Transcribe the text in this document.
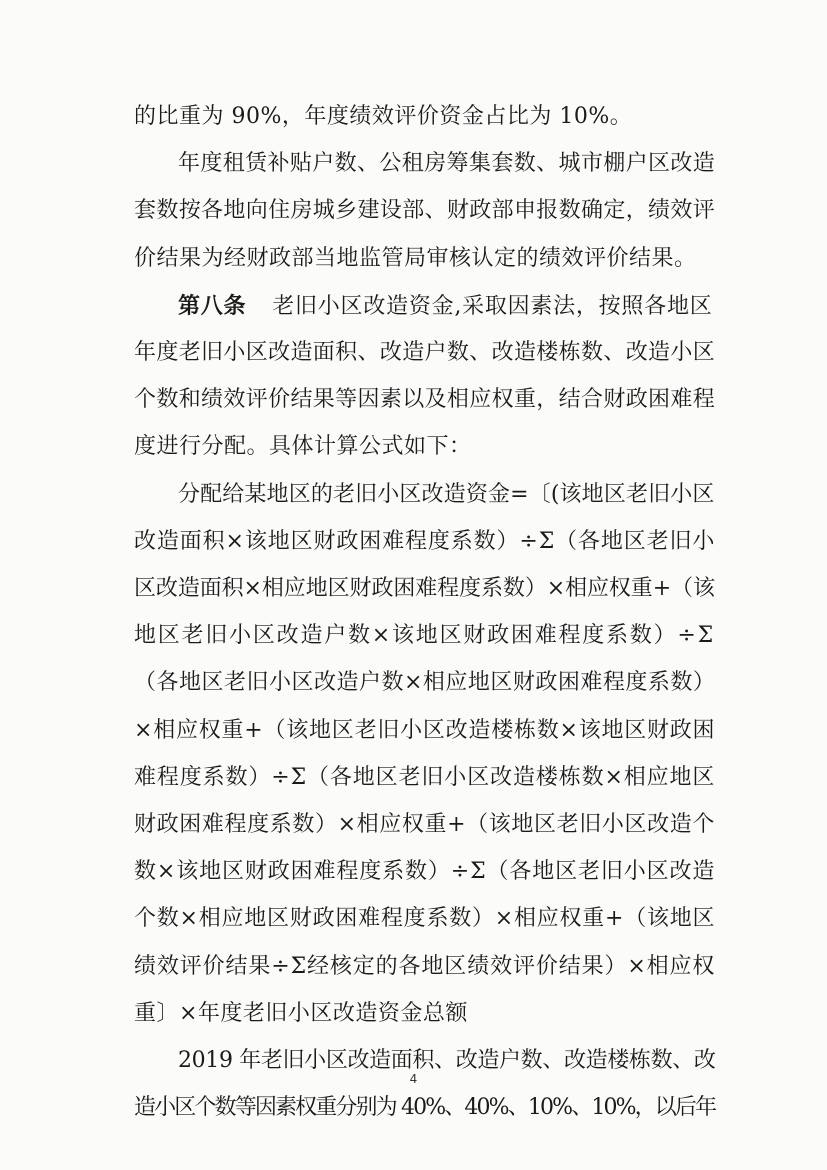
的比重为 90%，年度绩效评价资金占比为 10%。
年度租赁补贴户数、公租房筹集套数、城市棚户区改造
套数按各地向住房城乡建设部、财政部申报数确定，绩效评
价结果为经财政部当地监管局审核认定的绩效评价结果。
第八条 老旧小区改造资金,采取因素法，按照各地区
年度老旧小区改造面积、改造户数、改造楼栋数、改造小区
个数和绩效评价结果等因素以及相应权重，结合财政困难程
度进行分配。具体计算公式如下：
分配给某地区的老旧小区改造资金=〔(该地区老旧小区
改造面积×该地区财政困难程度系数）÷Σ（各地区老旧小
区改造面积×相应地区财政困难程度系数）×相应权重+（该
地区老旧小区改造户数×该地区财政困难程度系数）÷Σ
（各地区老旧小区改造户数×相应地区财政困难程度系数）
×相应权重+（该地区老旧小区改造楼栋数×该地区财政困
难程度系数）÷Σ（各地区老旧小区改造楼栋数×相应地区
财政困难程度系数）×相应权重+（该地区老旧小区改造个
数×该地区财政困难程度系数）÷Σ（各地区老旧小区改造
个数×相应地区财政困难程度系数）×相应权重+（该地区
绩效评价结果÷Σ经核定的各地区绩效评价结果）×相应权
重〕×年度老旧小区改造资金总额
2019 年老旧小区改造面积、改造户数、改造楼栋数、改
造小区个数等因素权重分别为 40%、40%、10%、10%，以后年
4
